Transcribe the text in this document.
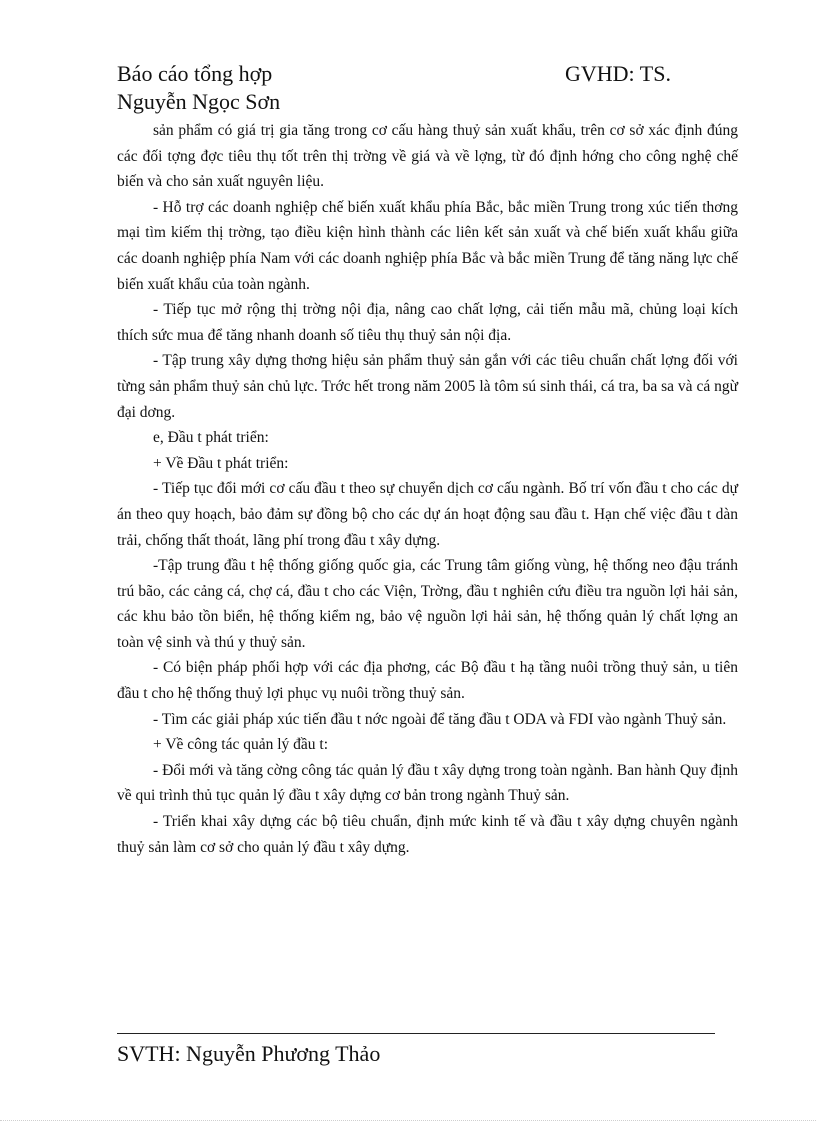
Báo cáo tổng hợp	GVHD: TS.
Nguyễn Ngọc Sơn

sản phẩm có giá trị gia tăng trong cơ cấu hàng thuỷ sản xuất khẩu, trên cơ sở xác định đúng các đối tợng đợc tiêu thụ tốt trên thị trờng về giá và về lợng, từ đó định hớng cho công nghệ chế biến và cho sản xuất nguyên liệu.

- Hỗ trợ các doanh nghiệp chế biến xuất khẩu phía Bắc, bắc miền Trung trong xúc tiến thơng mại tìm kiếm thị trờng, tạo điều kiện hình thành các liên kết sản xuất và chế biến xuất khẩu giữa các doanh nghiệp phía Nam với các doanh nghiệp phía Bắc và bắc miền Trung để tăng năng lực chế biến xuất khẩu của toàn ngành.

- Tiếp tục mở rộng thị trờng nội địa, nâng cao chất lợng, cải tiến mẫu mã, chủng loại kích thích sức mua để tăng nhanh doanh số tiêu thụ thuỷ sản nội địa.

- Tập trung xây dựng thơng hiệu sản phẩm thuỷ sản gắn với các tiêu chuẩn chất lợng đối với từng sản phẩm thuỷ sản chủ lực. Trớc hết trong năm 2005 là tôm sú sinh thái, cá tra, ba sa và cá ngừ đại dơng.

e, Đầu t phát triển:

+ Về Đầu t phát triển:

- Tiếp tục đổi mới cơ cấu đầu t theo sự chuyển dịch cơ cấu ngành. Bố trí vốn đầu t cho các dự án theo quy hoạch, bảo đảm sự đồng bộ cho các dự án hoạt động sau đầu t. Hạn chế việc đầu t dàn trải, chống thất thoát, lãng phí trong đầu t xây dựng.

-Tập trung đầu t hệ thống giống quốc gia, các Trung tâm giống vùng, hệ thống neo đậu tránh trú bão, các cảng cá, chợ cá, đầu t cho các Viện, Trờng, đầu t nghiên cứu điều tra nguồn lợi hải sản, các khu bảo tồn biển, hệ thống kiểm ng, bảo vệ nguồn lợi hải sản, hệ thống quản lý chất lợng an toàn vệ sinh và thú y thuỷ sản.

- Có biện pháp phối hợp với các địa phơng, các Bộ đầu t hạ tầng nuôi trồng thuỷ sản, u tiên đầu t cho hệ thống thuỷ lợi phục vụ nuôi trồng thuỷ sản.

- Tìm các giải pháp xúc tiến đầu t nớc ngoài để tăng đầu t ODA và FDI vào ngành Thuỷ sản.

+ Về công tác quản lý đầu t:

- Đổi mới và tăng cờng công tác quản lý đầu t xây dựng trong toàn ngành. Ban hành Quy định về qui trình thủ tục quản lý đầu t xây dựng cơ bản trong ngành Thuỷ sản.

- Triển khai xây dựng các bộ tiêu chuẩn, định mức kinh tế và đầu t xây dựng chuyên ngành thuỷ sản làm cơ sở cho quản lý đầu t xây dựng.

SVTH: Nguyễn Phương Thảo
